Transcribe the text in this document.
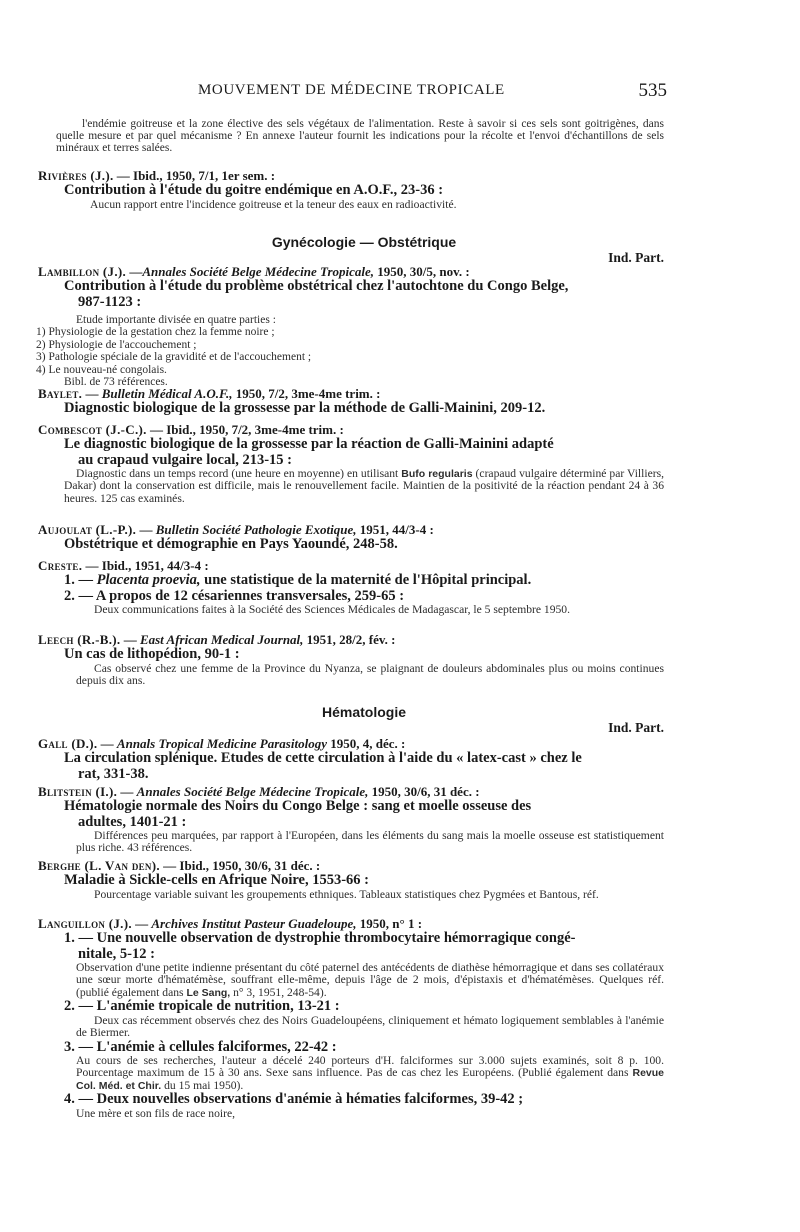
MOUVEMENT DE MÉDECINE TROPICALE	535
l'endémie goitreuse et la zone élective des sels végétaux de l'alimentation. Reste à savoir si ces sels sont goitrigènes, dans quelle mesure et par quel mécanisme ? En annexe l'auteur fournit les indications pour la récolte et l'envoi d'échantillons de sels minéraux et terres salées.
Rivières (J.). — Ibid., 1950, 7/1, 1er sem. :
Contribution à l'étude du goitre endémique en A.O.F., 23-36 :
Aucun rapport entre l'incidence goitreuse et la teneur des eaux en radioactivité.
Gynécologie — Obstétrique
Ind. Part.
Lambillon (J.). —Annales Société Belge Médecine Tropicale, 1950, 30/5, nov. :
Contribution à l'étude du problème obstétrical chez l'autochtone du Congo Belge,
987-1123 :
Etude importante divisée en quatre parties :
1) Physiologie de la gestation chez la femme noire ;
2) Physiologie de l'accouchement ;
3) Pathologie spéciale de la gravidité et de l'accouchement ;
4) Le nouveau-né congolais.
Bibl. de 73 références.
Baylet. — Bulletin Médical A.O.F., 1950, 7/2, 3me-4me trim. :
Diagnostic biologique de la grossesse par la méthode de Galli-Mainini, 209-12.
Combescot (J.-C.). — Ibid., 1950, 7/2, 3me-4me trim. :
Le diagnostic biologique de la grossesse par la réaction de Galli-Mainini adapté
au crapaud vulgaire local, 213-15 :
Diagnostic dans un temps record (une heure en moyenne) en utilisant Bufo regularis (crapaud vulgaire déterminé par Villiers, Dakar) dont la conservation est difficile, mais le renouvellement facile. Maintien de la positivité de la réaction pendant 24 à 36 heures. 125 cas examinés.
Aujoulat (L.-P.). — Bulletin Société Pathologie Exotique, 1951, 44/3-4 :
Obstétrique et démographie en Pays Yaoundé, 248-58.
Creste. — Ibid., 1951, 44/3-4 :
1. — Placenta proevia, une statistique de la maternité de l'Hôpital principal.
2. — A propos de 12 césariennes transversales, 259-65 :
Deux communications faites à la Société des Sciences Médicales de Madagascar, le 5 septembre 1950.
Leech (R.-B.). — East African Medical Journal, 1951, 28/2, fév. :
Un cas de lithopédion, 90-1 :
Cas observé chez une femme de la Province du Nyanza, se plaignant de douleurs abdominales plus ou moins continues depuis dix ans.
Hématologie
Ind. Part.
Gall (D.). — Annals Tropical Medicine Parasitology 1950, 4, déc. :
La circulation splénique. Etudes de cette circulation à l'aide du « latex-cast » chez le
rat, 331-38.
Blitstein (I.). — Annales Société Belge Médecine Tropicale, 1950, 30/6, 31 déc. :
Hématologie normale des Noirs du Congo Belge : sang et moelle osseuse des
adultes, 1401-21 :
Différences peu marquées, par rapport à l'Européen, dans les éléments du sang mais la moelle osseuse est statistiquement plus riche. 43 références.
Berghe (L. Van den). — Ibid., 1950, 30/6, 31 déc. :
Maladie à Sickle-cells en Afrique Noire, 1553-66 :
Pourcentage variable suivant les groupements ethniques. Tableaux statistiques chez Pygmées et Bantous, réf.
Languillon (J.). — Archives Institut Pasteur Guadeloupe, 1950, n° 1 :
1. — Une nouvelle observation de dystrophie thrombocytaire hémorragique congé-
nitale, 5-12 :
Observation d'une petite indienne présentant du côté paternel des antécédents de diathèse hémorragique et dans ses collatéraux une sœur morte d'hématémèse, souffrant elle-même, depuis l'âge de 2 mois, d'épistaxis et d'hématémèses. Quelques réf. (publié également dans Le Sang, n° 3, 1951, 248-54).
2. — L'anémie tropicale de nutrition, 13-21 :
Deux cas récemment observés chez des Noirs Guadeloupéens, cliniquement et hémato logiquement semblables à l'anémie de Biermer.
3. — L'anémie à cellules falciformes, 22-42 :
Au cours de ses recherches, l'auteur a décelé 240 porteurs d'H. falciformes sur 3.000 sujets examinés, soit 8 p. 100. Pourcentage maximum de 15 à 30 ans. Sexe sans influence. Pas de cas chez les Européens. (Publié également dans Revue Col. Méd. et Chir. du 15 mai 1950).
4. — Deux nouvelles observations d'anémie à hématies falciformes, 39-42 ;
Une mère et son fils de race noire,
